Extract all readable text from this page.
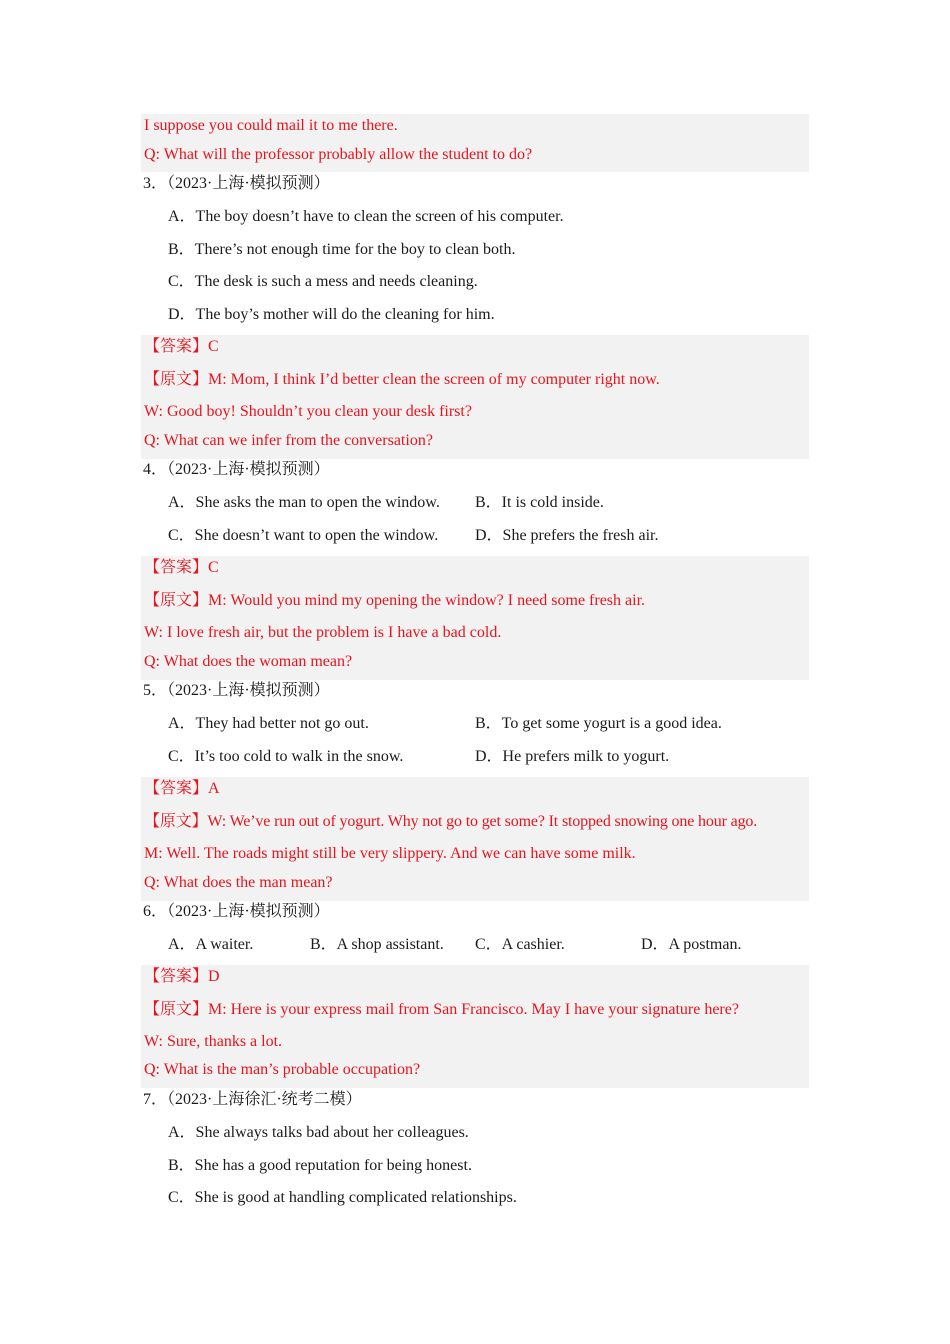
I suppose you could mail it to me there.
Q: What will the professor probably allow the student to do?
3．（2023·上海·模拟预测）
A．The boy doesn’t have to clean the screen of his computer.
B．There’s not enough time for the boy to clean both.
C．The desk is such a mess and needs cleaning.
D．The boy’s mother will do the cleaning for him.
【答案】C
【原文】M: Mom, I think I’d better clean the screen of my computer right now.
W: Good boy! Shouldn’t you clean your desk first?
Q: What can we infer from the conversation?
4．（2023·上海·模拟预测）
A．She asks the man to open the window. B．It is cold inside.
C．She doesn’t want to open the window. D．She prefers the fresh air.
【答案】C
【原文】M: Would you mind my opening the window? I need some fresh air.
W: I love fresh air, but the problem is I have a bad cold.
Q: What does the woman mean?
5．（2023·上海·模拟预测）
A．They had better not go out.	B．To get some yogurt is a good idea.
C．It’s too cold to walk in the snow.	D．He prefers milk to yogurt.
【答案】A
【原文】W: We’ve run out of yogurt. Why not go to get some? It stopped snowing one hour ago.
M: Well. The roads might still be very slippery. And we can have some milk.
Q: What does the man mean?
6．（2023·上海·模拟预测）
A．A waiter.	B．A shop assistant. C．A cashier.	D．A postman.
【答案】D
【原文】M: Here is your express mail from San Francisco. May I have your signature here?
W: Sure, thanks a lot.
Q: What is the man’s probable occupation?
7．（2023·上海徐汇·统考二模）
A．She always talks bad about her colleagues.
B．She has a good reputation for being honest.
C．She is good at handling complicated relationships.
